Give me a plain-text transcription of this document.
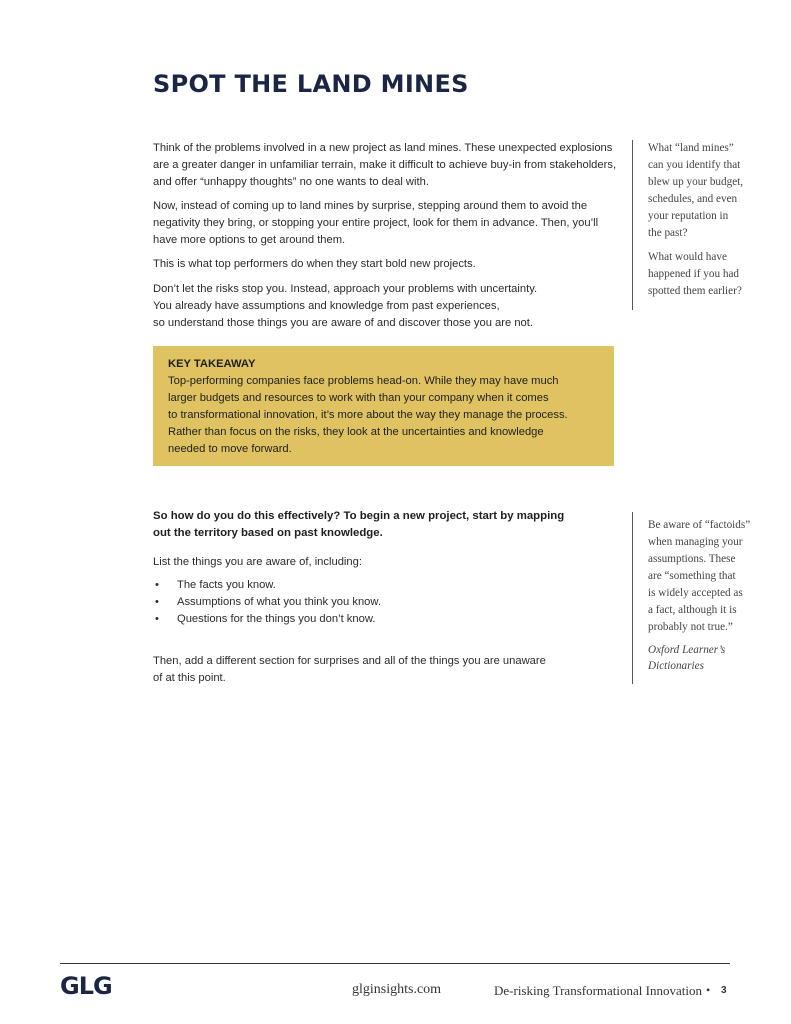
SPOT THE LAND MINES

Think of the problems involved in a new project as land mines. These unexpected explosions are a greater danger in unfamiliar terrain, make it difficult to achieve buy-in from stakeholders, and offer “unhappy thoughts” no one wants to deal with.

Now, instead of coming up to land mines by surprise, stepping around them to avoid the negativity they bring, or stopping your entire project, look for them in advance. Then, you’ll have more options to get around them.

This is what top performers do when they start bold new projects.

Don’t let the risks stop you. Instead, approach your problems with uncertainty.
You already have assumptions and knowledge from past experiences,
so understand those things you are aware of and discover those you are not.
KEY TAKEAWAY
Top-performing companies face problems head-on. While they may have much
larger budgets and resources to work with than your company when it comes
to transformational innovation, it’s more about the way they manage the process.
Rather than focus on the risks, they look at the uncertainties and knowledge
needed to move forward.
So how do you do this effectively? To begin a new project, start by mapping
out the territory based on past knowledge.
List the things you are aware of, including:
• The facts you know.
• Assumptions of what you think you know.
• Questions for the things you don’t know.
Then, add a different section for surprises and all of the things you are unaware
of at this point.

What “land mines”

can you identify that

blew up your budget,

schedules, and even

your reputation in

the past?

What would have

happened if you had

spotted them earlier?

Be aware of “factoids”

when managing your

assumptions. These

are “something that

is widely accepted as

a fact, although it is

probably not true.”

Oxford Learner’s

Dictionaries

GLG	glginsights.com	De-risking Transformational Innovation • 3
